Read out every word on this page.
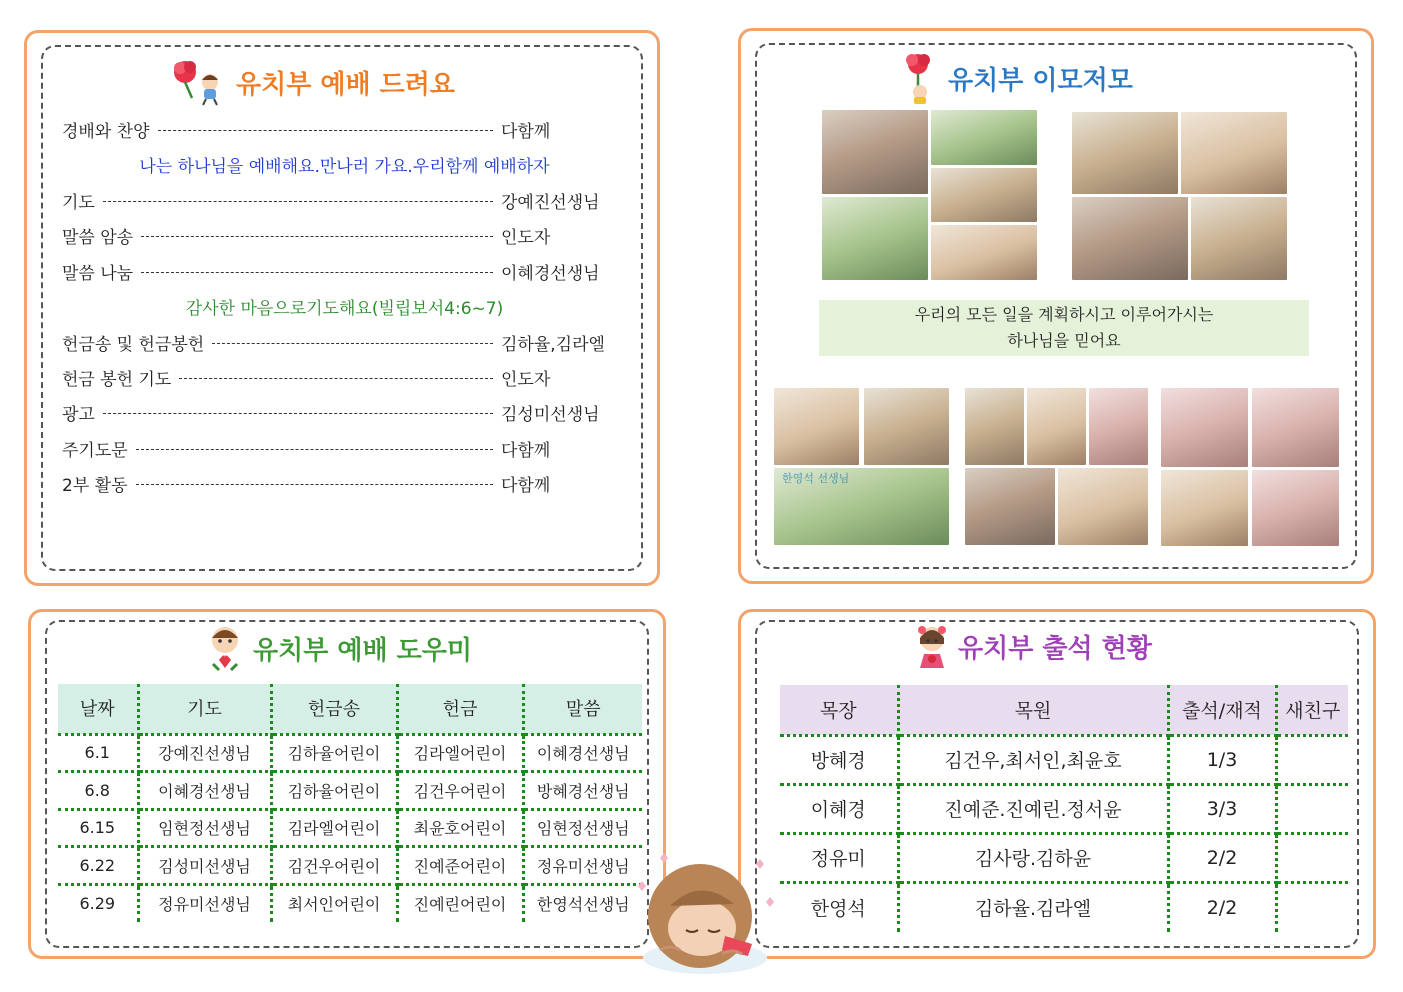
유치부 예배 드려요
경배와 찬양	다함께
나는 하나님을 예배해요.만나러 가요.우리함께 예배하자
기도	강예진선생님
말씀 암송	인도자
말씀 나눔	이혜경선생님
감사한 마음으로기도해요(빌립보서4:6~7)
헌금송 및 헌금봉헌	김하율,김라엘
헌금 봉헌 기도	인도자
광고	김성미선생님
주기도문	다함께
2부 활동	다함께
유치부 이모저모
우리의 모든 일을 계획하시고 이루어가시는
하나님을 믿어요
한영석 선생님
유치부 예배 도우미
날짜	기도	헌금송	헌금	말씀
6.1	강예진선생님	김하율어린이	김라엘어린이	이혜경선생님
6.8	이혜경선생님	김하율어린이	김건우어린이	방혜경선생님
6.15	임현정선생님	김라엘어린이	최윤호어린이	임현정선생님
6.22	김성미선생님	김건우어린이	진예준어린이	정유미선생님
6.29	정유미선생님	최서인어린이	진예린어린이	한영석선생님
유치부 출석 현황
목장	목원	출석/재적	새친구
방혜경	김건우,최서인,최윤호	1/3	
이혜경	진예준.진예린.정서윤	3/3	
정유미	김사랑.김하윤	2/2	
한영석	김하율.김라엘	2/2	
